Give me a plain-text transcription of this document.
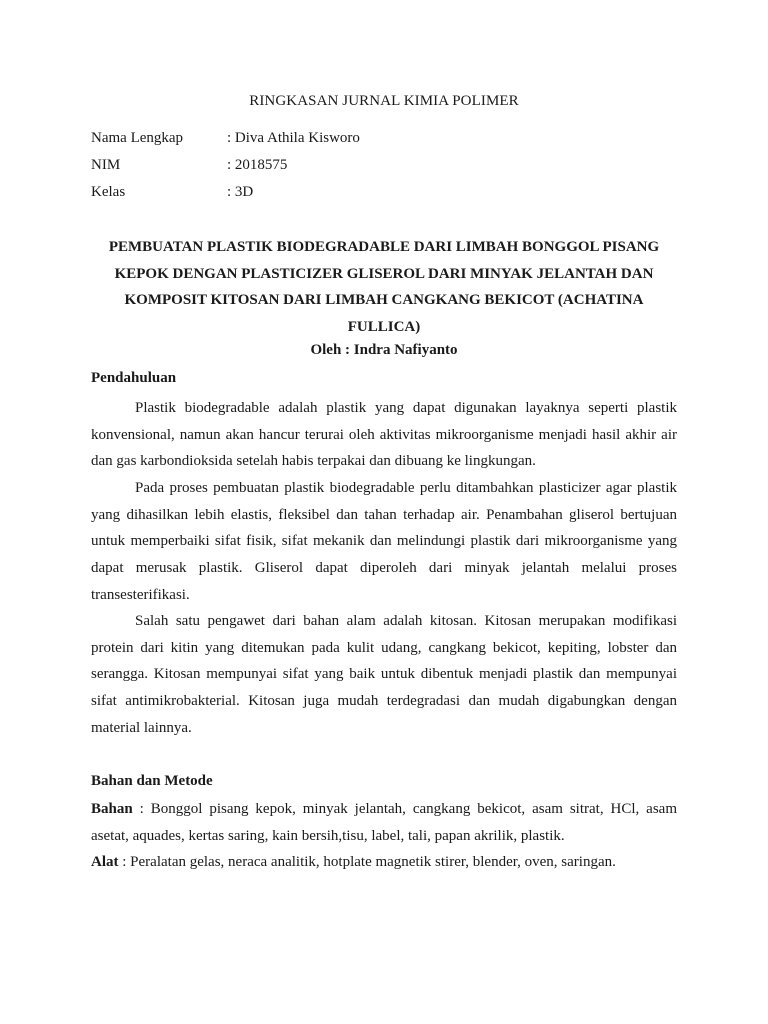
RINGKASAN JURNAL KIMIA POLIMER
Nama Lengkap	: Diva Athila Kisworo
NIM	: 2018575
Kelas	: 3D
PEMBUATAN PLASTIK BIODEGRADABLE DARI LIMBAH BONGGOL PISANG KEPOK DENGAN PLASTICIZER GLISEROL DARI MINYAK JELANTAH DAN KOMPOSIT KITOSAN DARI LIMBAH CANGKANG BEKICOT (ACHATINA FULLICA)
Oleh : Indra Nafiyanto
Pendahuluan

Plastik biodegradable adalah plastik yang dapat digunakan layaknya seperti plastik konvensional, namun akan hancur terurai oleh aktivitas mikroorganisme menjadi hasil akhir air dan gas karbondioksida setelah habis terpakai dan dibuang ke lingkungan.

Pada proses pembuatan plastik biodegradable perlu ditambahkan plasticizer agar plastik yang dihasilkan lebih elastis, fleksibel dan tahan terhadap air. Penambahan gliserol bertujuan untuk memperbaiki sifat fisik, sifat mekanik dan melindungi plastik dari mikroorganisme yang dapat merusak plastik. Gliserol dapat diperoleh dari minyak jelantah melalui proses transesterifikasi.

Salah satu pengawet dari bahan alam adalah kitosan. Kitosan merupakan modifikasi protein dari kitin yang ditemukan pada kulit udang, cangkang bekicot, kepiting, lobster dan serangga. Kitosan mempunyai sifat yang baik untuk dibentuk menjadi plastik dan mempunyai sifat antimikrobakterial. Kitosan juga mudah terdegradasi dan mudah digabungkan dengan material lainnya.

Bahan dan Metode

Bahan : Bonggol pisang kepok, minyak jelantah, cangkang bekicot, asam sitrat, HCl, asam asetat, aquades, kertas saring, kain bersih,tisu, label, tali, papan akrilik, plastik.

Alat : Peralatan gelas, neraca analitik, hotplate magnetik stirer, blender, oven, saringan.
